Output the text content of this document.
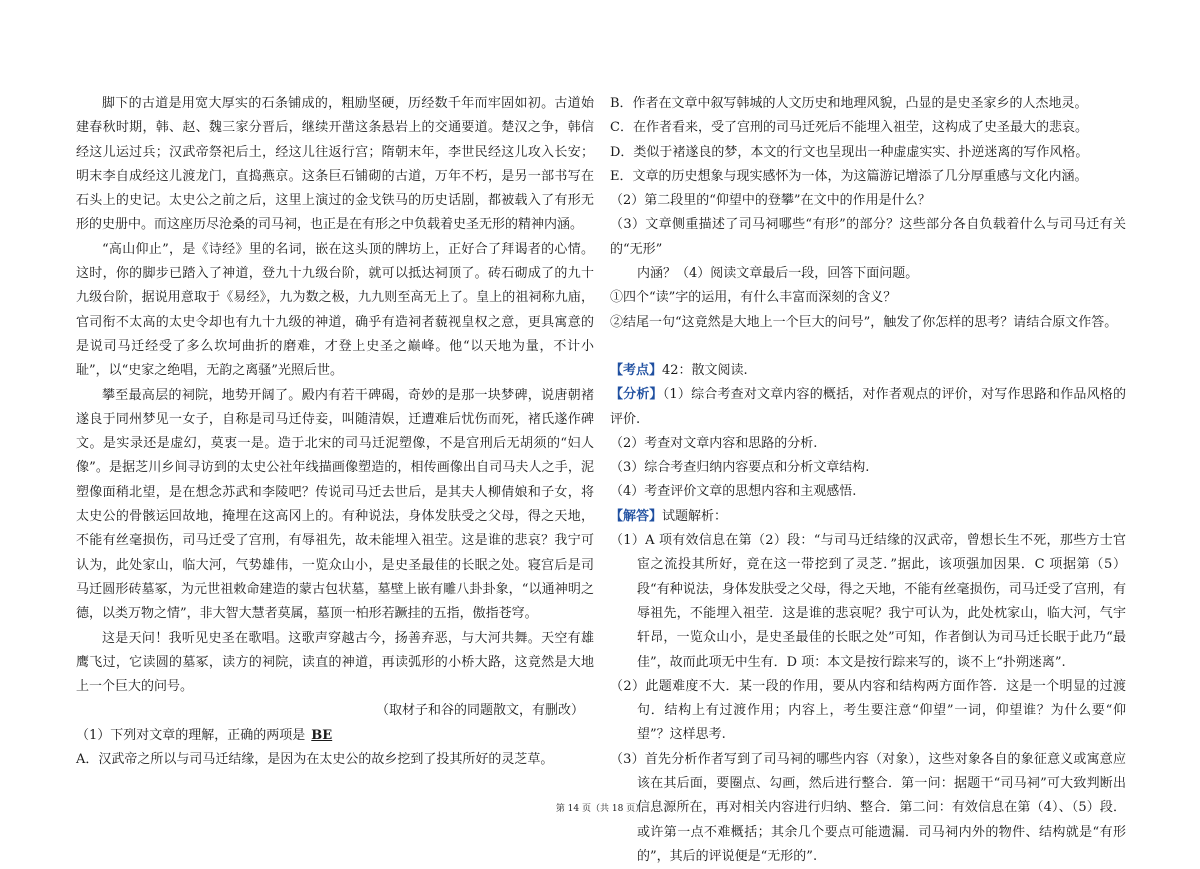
脚下的古道是用宽大厚实的石条铺成的，粗励坚硬，历经数千年而牢固如初。古道始建春秋时期，韩、赵、魏三家分晋后，继续开凿这条悬岩上的交通要道。楚汉之争，韩信经这儿运过兵；汉武帝祭祀后土，经这儿往返行宫；隋朝末年，李世民经这儿攻入长安；明末李自成经这儿渡龙门，直捣燕京。这条巨石铺砌的古道，万年不朽，是另一部书写在石头上的史记。太史公之前之后，这里上演过的金戈铁马的历史话剧，都被载入了有形无形的史册中。而这座历尽沧桑的司马祠，也正是在有形之中负载着史圣无形的精神内涵。

“高山仰止”，是《诗经》里的名词，嵌在这头顶的牌坊上，正好合了拜谒者的心情。这时，你的脚步已踏入了神道，登九十九级台阶，就可以抵达祠顶了。砖石砌成了的九十九级台阶，据说用意取于《易经》，九为数之极，九九则至高无上了。皇上的祖祠称九庙，官司衔不太高的太史令却也有九十九级的神道，确乎有造祠者藐视皇权之意，更具寓意的是说司马迁经受了多么坎坷曲折的磨难，才登上史圣之巅峰。他“以天地为量，不计小耻”，以“史家之绝唱，无韵之离骚”光照后世。

攀至最高层的祠院，地势开阔了。殿内有若干碑碣，奇妙的是那一块梦碑，说唐朝褚遂良于同州梦见一女子，自称是司马迁侍妾，叫随清娱，迁遭难后忧伤而死，褚氏遂作碑文。是实录还是虚幻，莫衷一是。造于北宋的司马迁泥塑像，不是宫刑后无胡须的“妇人像”。是据芝川乡间寻访到的太史公社年线描画像塑造的，相传画像出自司马夫人之手，泥塑像面稍北望，是在想念苏武和李陵吧？传说司马迁去世后，是其夫人柳倩娘和子女，将太史公的骨骸运回故地，掩埋在这高冈上的。有种说法，身体发肤受之父母，得之天地，不能有丝毫损伤，司马迁受了宫刑，有辱祖先，故未能埋入祖茔。这是谁的悲哀？我宁可认为，此处家山，临大河，气势雄伟，一览众山小，是史圣最佳的长眠之处。寝宫后是司马迁圆形砖墓冢，为元世祖敕命建造的蒙古包状墓，墓壁上嵌有雕八卦卦象，“以通神明之德，以类万物之情”，非大智大慧者莫属，墓顶一柏形若蹶挂的五指，傲指苍穹。

这是天问！我听见史圣在歌唱。这歌声穿越古今，扬善弃恶，与大河共舞。天空有雄鹰飞过，它读圆的墓冢，读方的祠院，读直的神道，再读弧形的小桥大路，这竟然是大地上一个巨大的问号。

（取材子和谷的同题散文，有删改）

（1）下列对文章的理解，正确的两项是 BE

A．汉武帝之所以与司马迁结缘，是因为在太史公的故乡挖到了投其所好的灵芝草。

B．作者在文章中叙写韩城的人文历史和地理风貌，凸显的是史圣家乡的人杰地灵。

C．在作者看来，受了宫刑的司马迁死后不能埋入祖茔，这构成了史圣最大的悲哀。

D．类似于褚遂良的梦，本文的行文也呈现出一种虚虚实实、扑逆迷离的写作风格。

E．文章的历史想象与现实感怀为一体，为这篇游记增添了几分厚重感与文化内涵。

（2）第二段里的“仰望中的登攀”在文中的作用是什么？

（3）文章侧重描述了司马祠哪些“有形”的部分？这些部分各自负载着什么与司马迁有关的“无形”

内涵？（4）阅读文章最后一段，回答下面问题。

①四个“读”字的运用，有什么丰富而深刻的含义？

②结尾一句“这竟然是大地上一个巨大的问号”，触发了你怎样的思考？请结合原文作答。

【考点】42：散文阅读.

【分析】（1）综合考查对文章内容的概括，对作者观点的评价，对写作思路和作品风格的评价.

（2）考查对文章内容和思路的分析.

（3）综合考查归纳内容要点和分析文章结构.

（4）考查评价文章的思想内容和主观感悟.

【解答】试题解析：

（1）A 项有效信息在第（2）段：“与司马迁结缘的汉武帝，曾想长生不死，那些方士官宦之流投其所好，竟在这一带挖到了灵芝．”据此，该项强加因果．C 项据第（5）段“有种说法，身体发肤受之父母，得之天地，不能有丝毫损伤，司马迁受了宫刑，有辱祖先，不能埋入祖茔．这是谁的悲哀呢？我宁可认为，此处枕家山，临大河，气宇轩昂，一览众山小，是史圣最佳的长眠之处”可知，作者倒认为司马迁长眠于此乃“最佳”，故而此项无中生有．D 项：本文是按行踪来写的，谈不上“扑朔迷离”.

（2）此题难度不大．某一段的作用，要从内容和结构两方面作答．这是一个明显的过渡句．结构上有过渡作用；内容上，考生要注意“仰望”一词，仰望谁？为什么要“仰望”？这样思考.

（3）首先分析作者写到了司马祠的哪些内容（对象），这些对象各自的象征意义或寓意应该在其后面，要圈点、勾画，然后进行整合．第一问：据题干“司马祠”可大致判断出信息源所在，再对相关内容进行归纳、整合．第二问：有效信息在第（4）、（5）段．或许第一点不难概括；其余几个要点可能遗漏．司马祠内外的物件、结构就是“有形的”，其后的评说便是“无形的”.

第 14 页（共 18 页）
